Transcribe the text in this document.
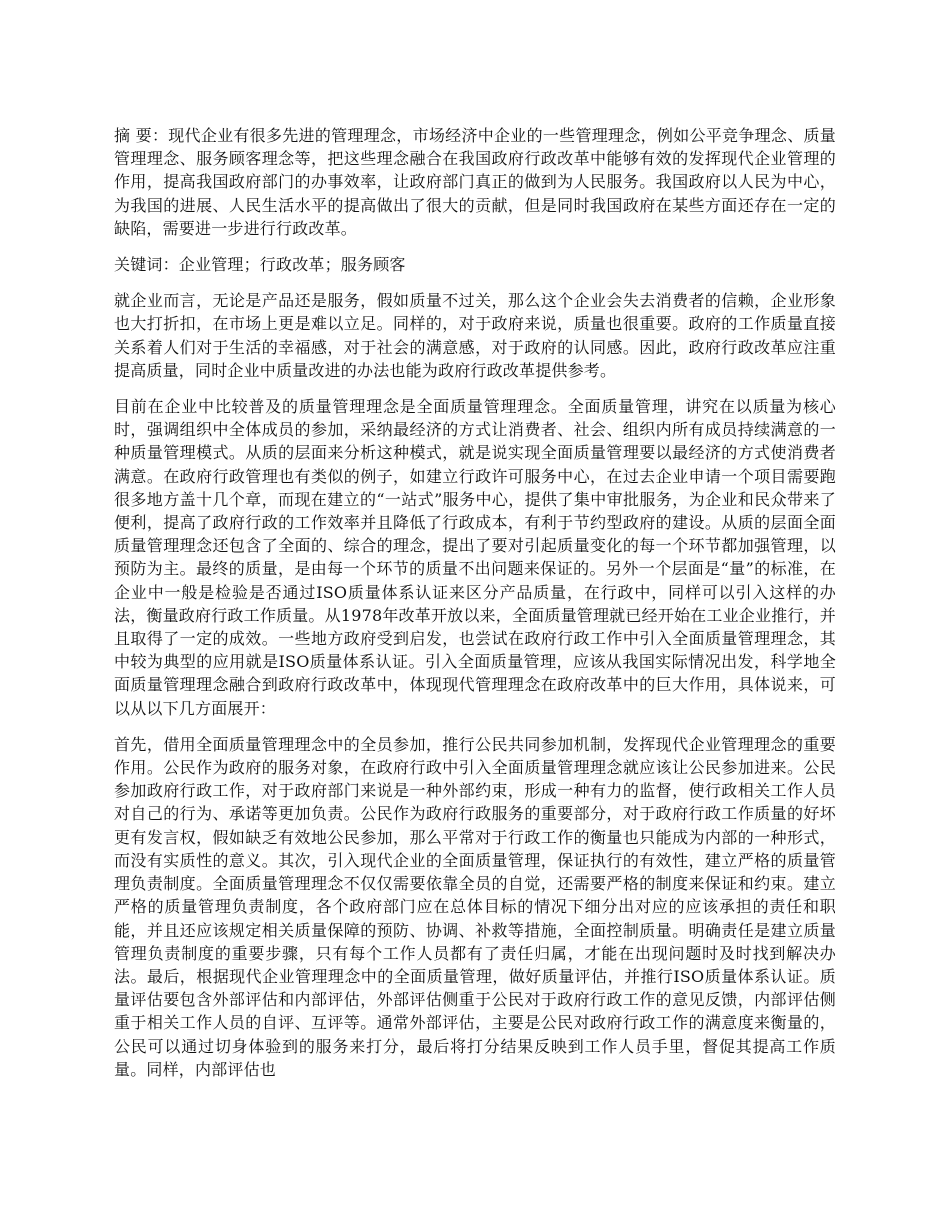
摘 要：现代企业有很多先进的管理理念，市场经济中企业的一些管理理念，例如公平竞争理念、质量管理理念、服务顾客理念等，把这些理念融合在我国政府行政改革中能够有效的发挥现代企业管理的作用，提高我国政府部门的办事效率，让政府部门真正的做到为人民服务。我国政府以人民为中心，为我国的进展、人民生活水平的提高做出了很大的贡献，但是同时我国政府在某些方面还存在一定的缺陷，需要进一步进行行政改革。

关键词：企业管理；行政改革；服务顾客

就企业而言，无论是产品还是服务，假如质量不过关，那么这个企业会失去消费者的信赖，企业形象也大打折扣，在市场上更是难以立足。同样的，对于政府来说，质量也很重要。政府的工作质量直接关系着人们对于生活的幸福感，对于社会的满意感，对于政府的认同感。因此，政府行政改革应注重提高质量，同时企业中质量改进的办法也能为政府行政改革提供参考。

目前在企业中比较普及的质量管理理念是全面质量管理理念。全面质量管理，讲究在以质量为核心时，强调组织中全体成员的参加，采纳最经济的方式让消费者、社会、组织内所有成员持续满意的一种质量管理模式。从质的层面来分析这种模式，就是说实现全面质量管理要以最经济的方式使消费者满意。在政府行政管理也有类似的例子，如建立行政许可服务中心，在过去企业申请一个项目需要跑很多地方盖十几个章，而现在建立的“一站式”服务中心，提供了集中审批服务，为企业和民众带来了便利，提高了政府行政的工作效率并且降低了行政成本，有利于节约型政府的建设。从质的层面全面质量管理理念还包含了全面的、综合的理念，提出了要对引起质量变化的每一个环节都加强管理，以预防为主。最终的质量，是由每一个环节的质量不出问题来保证的。另外一个层面是“量”的标准，在企业中一般是检验是否通过ISO质量体系认证来区分产品质量，在行政中，同样可以引入这样的办法，衡量政府行政工作质量。从1978年改革开放以来，全面质量管理就已经开始在工业企业推行，并且取得了一定的成效。一些地方政府受到启发，也尝试在政府行政工作中引入全面质量管理理念，其中较为典型的应用就是ISO质量体系认证。引入全面质量管理，应该从我国实际情况出发，科学地全面质量管理理念融合到政府行政改革中，体现现代管理理念在政府改革中的巨大作用，具体说来，可以从以下几方面展开：

首先，借用全面质量管理理念中的全员参加，推行公民共同参加机制，发挥现代企业管理理念的重要作用。公民作为政府的服务对象，在政府行政中引入全面质量管理理念就应该让公民参加进来。公民参加政府行政工作，对于政府部门来说是一种外部约束，形成一种有力的监督，使行政相关工作人员对自己的行为、承诺等更加负责。公民作为政府行政服务的重要部分，对于政府行政工作质量的好坏更有发言权，假如缺乏有效地公民参加，那么平常对于行政工作的衡量也只能成为内部的一种形式，而没有实质性的意义。其次，引入现代企业的全面质量管理，保证执行的有效性，建立严格的质量管理负责制度。全面质量管理理念不仅仅需要依靠全员的自觉，还需要严格的制度来保证和约束。建立严格的质量管理负责制度，各个政府部门应在总体目标的情况下细分出对应的应该承担的责任和职能，并且还应该规定相关质量保障的预防、协调、补救等措施，全面控制质量。明确责任是建立质量管理负责制度的重要步骤，只有每个工作人员都有了责任归属，才能在出现问题时及时找到解决办法。最后，根据现代企业管理理念中的全面质量管理，做好质量评估，并推行ISO质量体系认证。质量评估要包含外部评估和内部评估，外部评估侧重于公民对于政府行政工作的意见反馈，内部评估侧重于相关工作人员的自评、互评等。通常外部评估，主要是公民对政府行政工作的满意度来衡量的，公民可以通过切身体验到的服务来打分，最后将打分结果反映到工作人员手里，督促其提高工作质量。同样，内部评估也
